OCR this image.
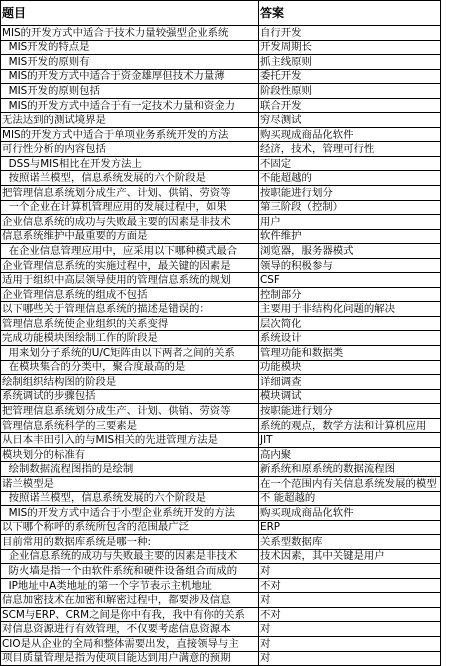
题目	答案
MIS的开发方式中适合于技术力量较强型企业系统	自行开发
MIS开发的特点是	开发周期长
MIS开发的原则有	抓主线原则
MIS的开发方式中适合于资金雄厚但技术力量薄	委托开发
MIS开发的原则包括	阶段性原则
MIS的开发方式中适合于有一定技术力量和资金力	联合开发
无法达到的测试境界是	穷尽测试
MIS的开发方式中适合于单项业务系统开发的方法	购买现成商品化软件
可行性分析的内容包括	经济，技术，管理可行性
DSS与MIS相比在开发方法上	不固定
按照诺兰模型，信息系统发展的六个阶段是	不能超越的
把管理信息系统划分成生产、计划、供销、劳资等	按职能进行划分
一个企业在计算机管理应用的发展过程中，如果	第三阶段（控制）
企业信息系统的成功与失败最主要的因素是非技术	用户
信息系统维护中最重要的方面是	软件维护
在企业信息管理应用中，应采用以下哪种模式最合	浏览器，服务器模式
企业管理信息系统的实施过程中，最关键的因素是	领导的积极参与
适用于组织中高层领导使用的管理信息系统的规划	CSF
企业管理信息系统的组成不包括	控制部分
以下哪些关于管理信息系统的描述是错误的：	主要用于非结构化问题的解决
管理信息系统使企业组织的关系变得	层次简化
完成功能模块图绘制工作的阶段是	系统设计
用来划分子系统的U/C矩阵由以下两者之间的关系	管理功能和数据类
在模块集合的分类中，聚合度最高的是	功能模块
绘制组织结构图的阶段是	详细调查
系统调试的步骤包括	模块调试
把管理信息系统划分成生产、计划、供销、劳资等	按职能进行划分
管理信息系统科学的三要素是	系统的观点，数学方法和计算机应用
从日本丰田引入的与MIS相关的先进管理方法是	JIT
模块划分的标准有	高内聚
绘制数据流程图指的是绘制	新系统和原系统的数据流程图
诺兰模型是	在一个范围内有关信息系统发展的模型
按照诺兰模型，信息系统发展的六个阶段是	不 能超越的
MIS的开发方式中适合于小型企业系统开发的方法	购买现成商品化软件
以下哪个称呼的系统所包含的范围最广泛	ERP
目前常用的数据库系统是哪一种:	关系型数据库
企业信息系统的成功与失败最主要的因素是非技术	技术因素，其中关键是用户
防火墙是指一个由软件系统和硬件设备组合而成的	对
IP地址中A类地址的第一个字节表示主机地址	不对
信息加密技术在加密和解密过程中，都要涉及信息	对
SCM与ERP、CRM之间是你中有我，我中有你的关系	不对
对信息资源进行有效管理，不仅要考虑信息资源本	对
CIO是从企业的全局和整体需要出发，直接领导与主	对
项目质量管理是指为使项目能达到用户满意的预期	对
